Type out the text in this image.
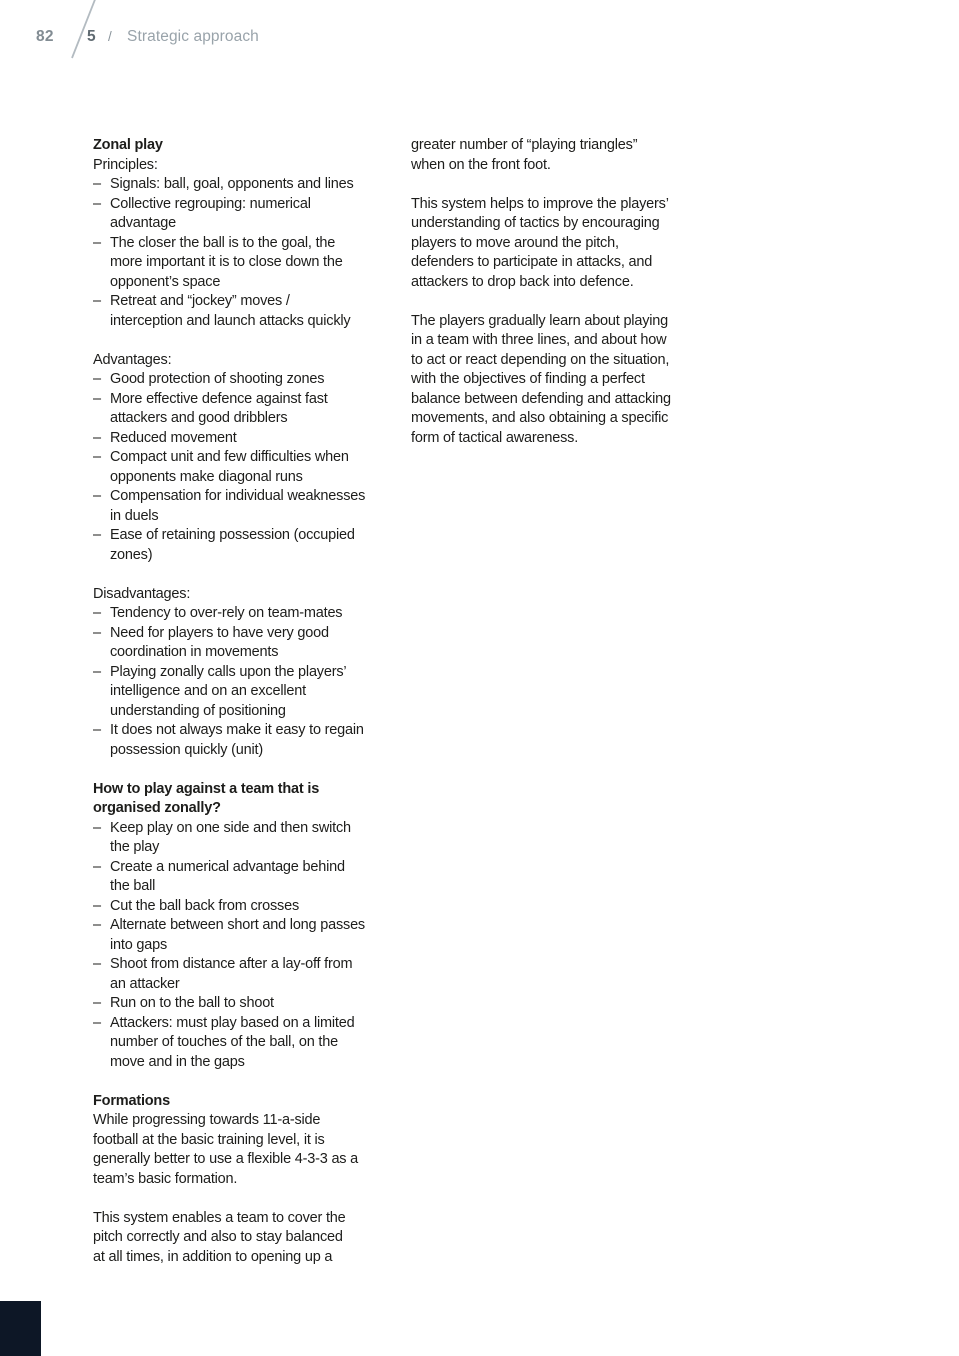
82 5 / Strategic approach
Zonal play

Principles:

– Signals: ball, goal, opponents and lines
– Collective regrouping: numerical
advantage
– The closer the ball is to the goal, the
more important it is to close down the
opponent’s space
– Retreat and “jockey” moves /
interception and launch attacks quickly

Advantages:

– Good protection of shooting zones
– More effective defence against fast
attackers and good dribblers
– Reduced movement
– Compact unit and few difficulties when
opponents make diagonal runs
– Compensation for individual weaknesses
in duels
– Ease of retaining possession (occupied
zones)

Disadvantages:

– Tendency to over-rely on team-mates
– Need for players to have very good
coordination in movements
– Playing zonally calls upon the players’
intelligence and on an excellent
understanding of positioning
– It does not always make it easy to regain
possession quickly (unit)
How to play against a team that is
organised zonally?
– Keep play on one side and then switch
the play
– Create a numerical advantage behind
the ball
– Cut the ball back from crosses
– Alternate between short and long passes
into gaps
– Shoot from distance after a lay-off from
an attacker
– Run on to the ball to shoot
– Attackers: must play based on a limited
number of touches of the ball, on the
move and in the gaps
Formations
While progressing towards 11-a-side
football at the basic training level, it is
generally better to use a flexible 4-3-3 as a
team’s basic formation.
This system enables a team to cover the
pitch correctly and also to stay balanced
at all times, in addition to opening up a
greater number of “playing triangles”
when on the front foot.
This system helps to improve the players’
understanding of tactics by encouraging
players to move around the pitch,
defenders to participate in attacks, and
attackers to drop back into defence.
The players gradually learn about playing
in a team with three lines, and about how
to act or react depending on the situation,
with the objectives of finding a perfect
balance between defending and attacking
movements, and also obtaining a specific
form of tactical awareness.
